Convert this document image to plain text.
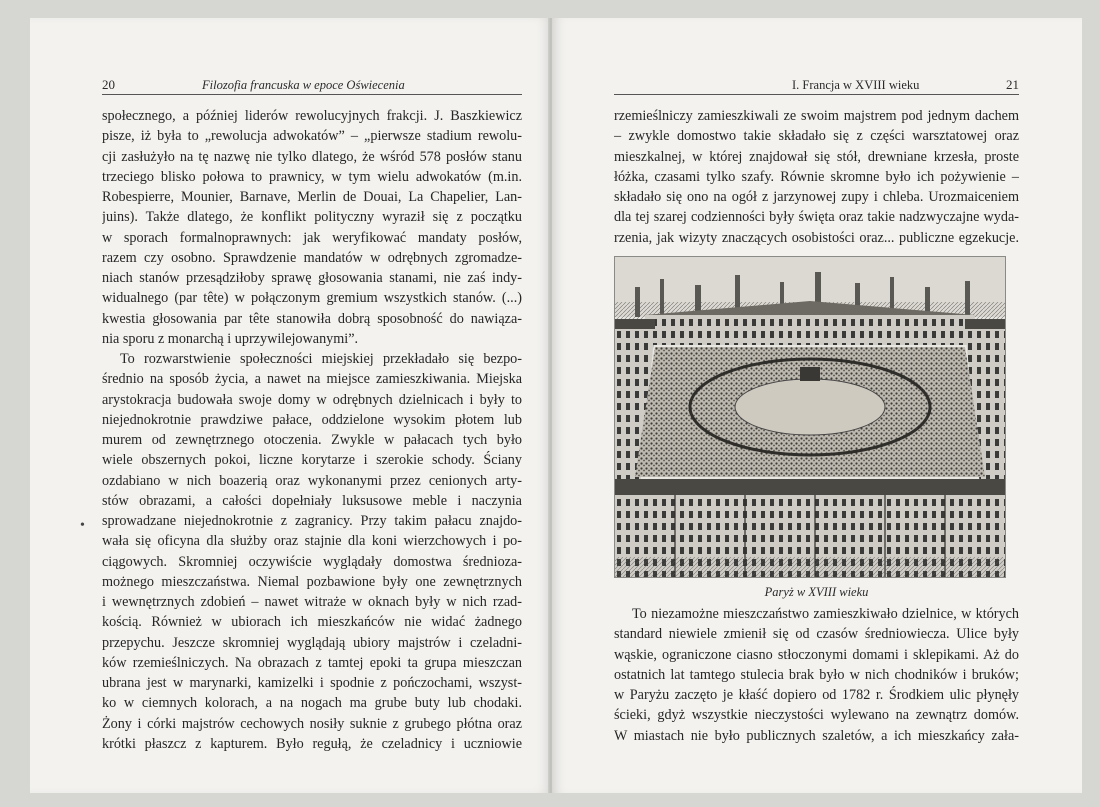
20	Filozofia francuska w epoce Oświecenia
społecznego, a później liderów rewolucyjnych frakcji. J. Baszkiewicz
pisze, iż była to „rewolucja adwokatów” – „pierwsze stadium rewolu-
cji zasłużyło na tę nazwę nie tylko dlatego, że wśród 578 posłów stanu
trzeciego blisko połowa to prawnicy, w tym wielu adwokatów (m.in.
Robespierre, Mounier, Barnave, Merlin de Douai, La Chapelier, Lan-
juins). Także dlatego, że konflikt polityczny wyraził się z początku
w sporach formalnoprawnych: jak weryfikować mandaty posłów,
razem czy osobno. Sprawdzenie mandatów w odrębnych zgromadze-
niach stanów przesądziłoby sprawę głosowania stanami, nie zaś indy-
widualnego (par tête) w połączonym gremium wszystkich stanów. (...)
kwestia głosowania par tête stanowiła dobrą sposobność do nawiąza-
nia sporu z monarchą i uprzywilejowanymi”.
To rozwarstwienie społeczności miejskiej przekładało się bezpo-
średnio na sposób życia, a nawet na miejsce zamieszkiwania. Miejska
arystokracja budowała swoje domy w odrębnych dzielnicach i były to
niejednokrotnie prawdziwe pałace, oddzielone wysokim płotem lub
murem od zewnętrznego otoczenia. Zwykle w pałacach tych było
wiele obszernych pokoi, liczne korytarze i szerokie schody. Ściany
ozdabiano w nich boazerią oraz wykonanymi przez cenionych arty-
stów obrazami, a całości dopełniały luksusowe meble i naczynia
sprowadzane niejednokrotnie z zagranicy. Przy takim pałacu znajdo-
wała się oficyna dla służby oraz stajnie dla koni wierzchowych i po-
ciągowych. Skromniej oczywiście wyglądały domostwa średniozа-
możnego mieszczaństwa. Niemal pozbawione były one zewnętrznych
i wewnętrznych zdobień – nawet witraże w oknach były w nich rzad-
kością. Również w ubiorach ich mieszkańców nie widać żadnego
przepychu. Jeszcze skromniej wyglądają ubiory majstrów i czeladni-
ków rzemieślniczych. Na obrazach z tamtej epoki ta grupa mieszczan
ubrana jest w marynarki, kamizelki i spodnie z pończochami, wszyst-
ko w ciemnych kolorach, a na nogach ma grube buty lub chodaki.
Żony i córki majstrów cechowych nosiły suknie z grubego płótna oraz
krótki płaszcz z kapturem. Było regułą, że czeladnicy i uczniowie
•
I. Francja w XVIII wieku	21
rzemieślniczy zamieszkiwali ze swoim majstrem pod jednym dachem
– zwykle domostwo takie składało się z części warsztatowej oraz
mieszkalnej, w której znajdował się stół, drewniane krzesła, proste
łóżka, czasami tylko szafy. Równie skromne było ich pożywienie –
składało się ono na ogół z jarzynowej zupy i chleba. Urozmaiceniem
dla tej szarej codzienności były święta oraz takie nadzwyczajne wyda-
rzenia, jak wizyty znaczących osobistości oraz... publiczne egzekucje.
Paryż w XVIII wieku
To niezamożne mieszczaństwo zamieszkiwało dzielnice, w których
standard niewiele zmienił się od czasów średniowiecza. Ulice były
wąskie, ograniczone ciasno stłoczonymi domami i sklepikami. Aż do
ostatnich lat tamtego stulecia brak było w nich chodników i bruków;
w Paryżu zaczęto je kłaść dopiero od 1782 r. Środkiem ulic płynęły
ścieki, gdyż wszystkie nieczystości wylewano na zewnątrz domów.
W miastach nie było publicznych szaletów, a ich mieszkańcy zała-
